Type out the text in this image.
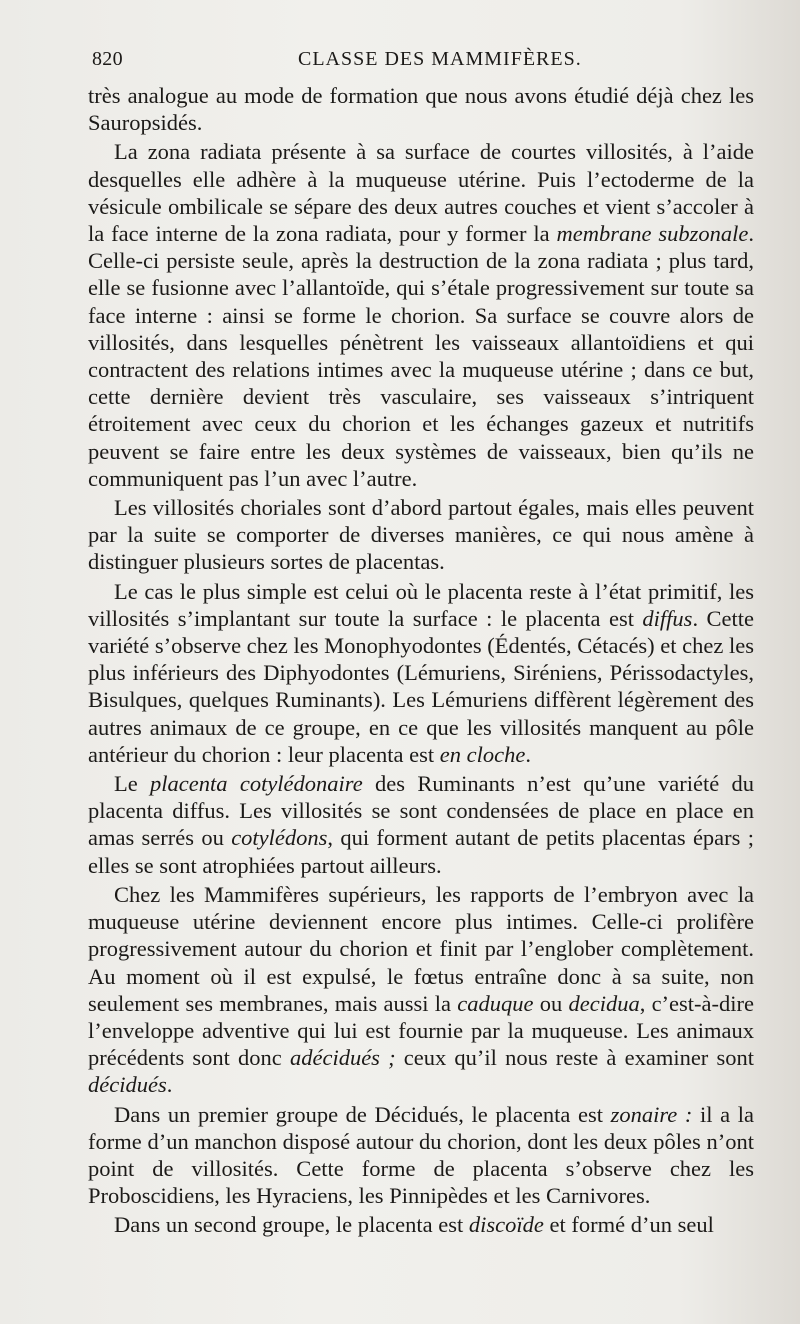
820	CLASSE DES MAMMIFÈRES.

très analogue au mode de formation que nous avons étudié déjà chez les Sauropsidés.

La zona radiata présente à sa surface de courtes villosités, à l’aide desquelles elle adhère à la muqueuse utérine. Puis l’ectoderme de la vésicule ombilicale se sépare des deux autres couches et vient s’accoler à la face interne de la zona radiata, pour y former la membrane subzonale. Celle-ci persiste seule, après la destruction de la zona radiata ; plus tard, elle se fusionne avec l’allantoïde, qui s’étale progressivement sur toute sa face interne : ainsi se forme le chorion. Sa surface se couvre alors de villosités, dans lesquelles pénètrent les vaisseaux allantoïdiens et qui contractent des relations intimes avec la muqueuse utérine ; dans ce but, cette dernière devient très vasculaire, ses vaisseaux s’intriquent étroitement avec ceux du chorion et les échanges gazeux et nutritifs peuvent se faire entre les deux systèmes de vaisseaux, bien qu’ils ne communiquent pas l’un avec l’autre.

Les villosités choriales sont d’abord partout égales, mais elles peuvent par la suite se comporter de diverses manières, ce qui nous amène à distinguer plusieurs sortes de placentas.

Le cas le plus simple est celui où le placenta reste à l’état primitif, les villosités s’implantant sur toute la surface : le placenta est diffus. Cette variété s’observe chez les Monophyodontes (Édentés, Cétacés) et chez les plus inférieurs des Diphyodontes (Lémuriens, Siréniens, Périssodactyles, Bisulques, quelques Ruminants). Les Lémuriens diffèrent légèrement des autres animaux de ce groupe, en ce que les villosités manquent au pôle antérieur du chorion : leur placenta est en cloche.

Le placenta cotylédonaire des Ruminants n’est qu’une variété du placenta diffus. Les villosités se sont condensées de place en place en amas serrés ou cotylédons, qui forment autant de petits placentas épars ; elles se sont atrophiées partout ailleurs.

Chez les Mammifères supérieurs, les rapports de l’embryon avec la muqueuse utérine deviennent encore plus intimes. Celle-ci prolifère progressivement autour du chorion et finit par l’englober complètement. Au moment où il est expulsé, le fœtus entraîne donc à sa suite, non seulement ses membranes, mais aussi la caduque ou decidua, c’est-à-dire l’enveloppe adventive qui lui est fournie par la muqueuse. Les animaux précédents sont donc adécidués ; ceux qu’il nous reste à examiner sont décidués.

Dans un premier groupe de Décidués, le placenta est zonaire : il a la forme d’un manchon disposé autour du chorion, dont les deux pôles n’ont point de villosités. Cette forme de placenta s’observe chez les Proboscidiens, les Hyraciens, les Pinnipèdes et les Carnivores.

Dans un second groupe, le placenta est discoïde et formé d’un seul
